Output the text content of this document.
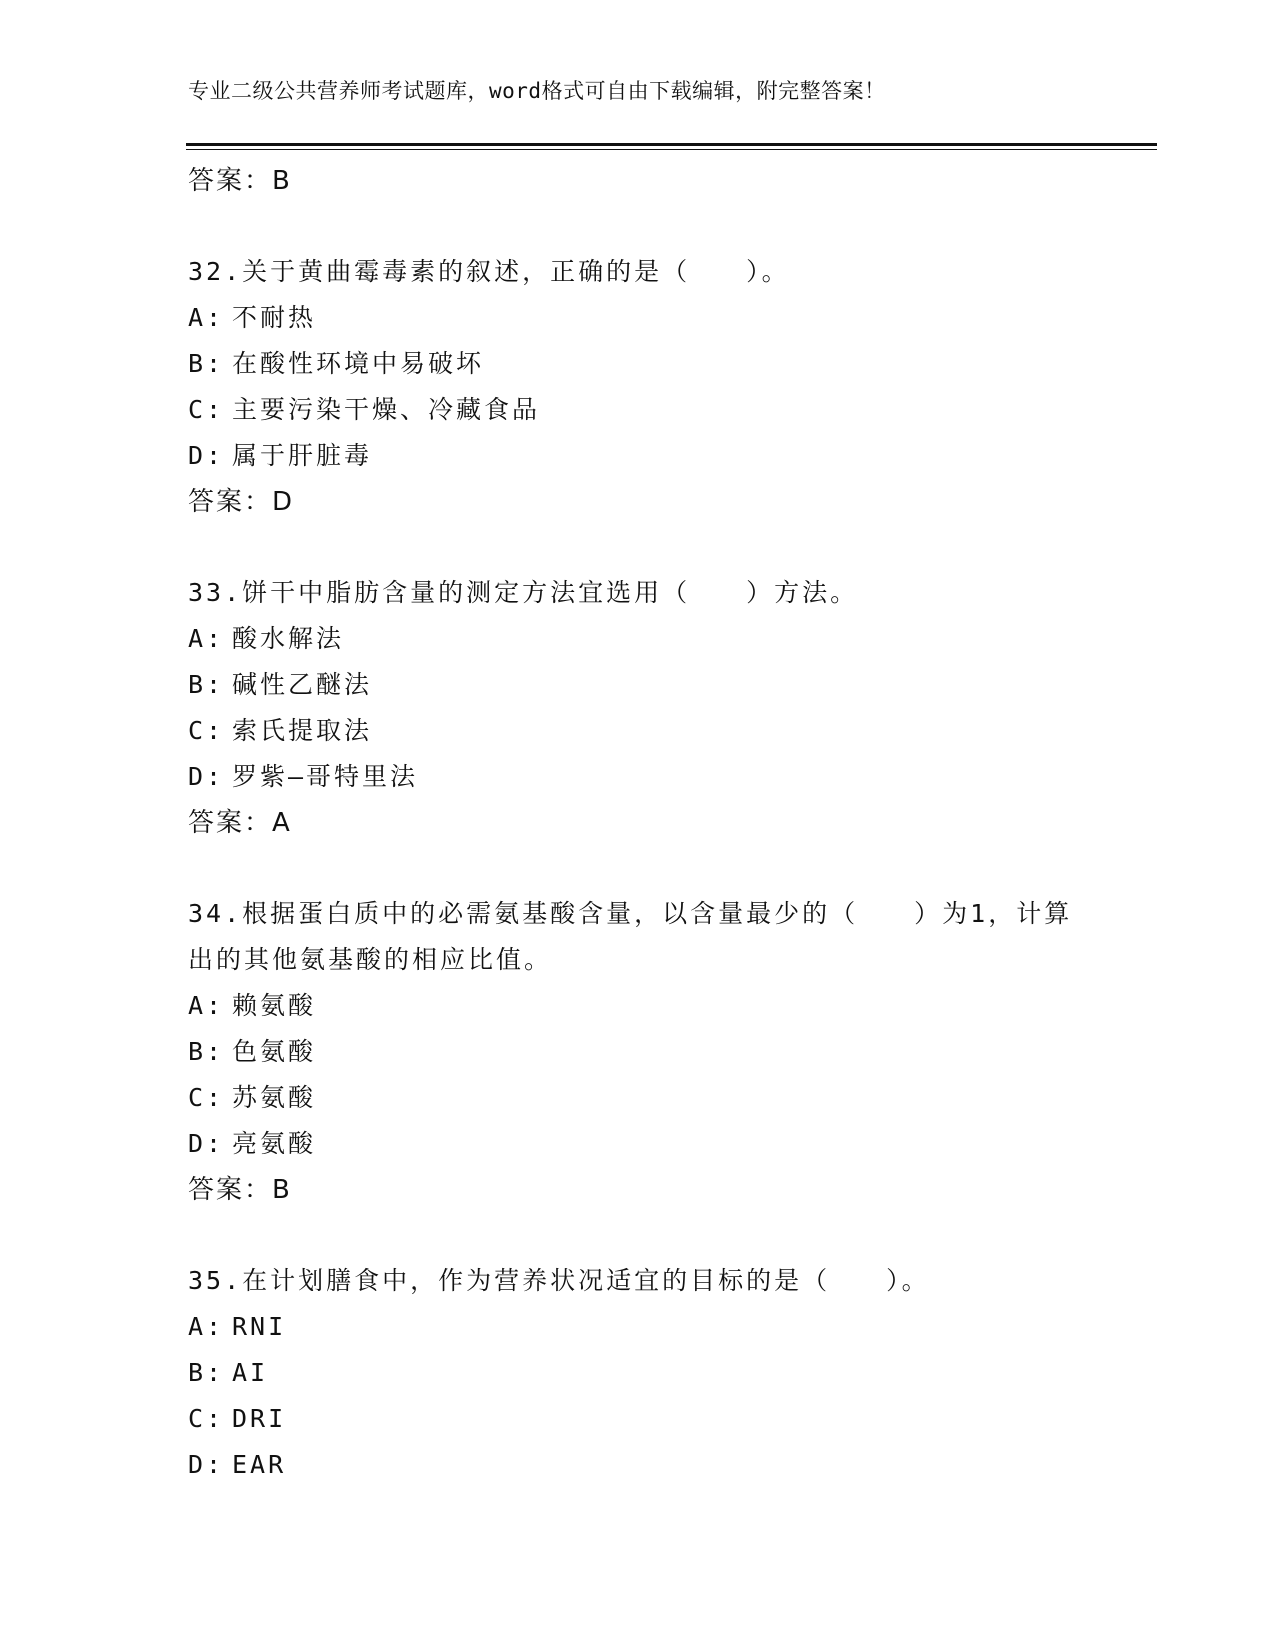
专业二级公共营养师考试题库，word格式可自由下载编辑，附完整答案！
答案：B
32.关于黄曲霉毒素的叙述，正确的是（　　）。
A: 不耐热
B: 在酸性环境中易破坏
C: 主要污染干燥、冷藏食品
D: 属于肝脏毒
答案：D
33.饼干中脂肪含量的测定方法宜选用（　　）方法。
A: 酸水解法
B: 碱性乙醚法
C: 索氏提取法
D: 罗紫—哥特里法
答案：A
34.根据蛋白质中的必需氨基酸含量，以含量最少的（　　）为1，计算出的其他氨基酸的相应比值。
A: 赖氨酸
B: 色氨酸
C: 苏氨酸
D: 亮氨酸
答案：B
35.在计划膳食中，作为营养状况适宜的目标的是（　　）。
A: RNI
B: AI
C: DRI
D: EAR
